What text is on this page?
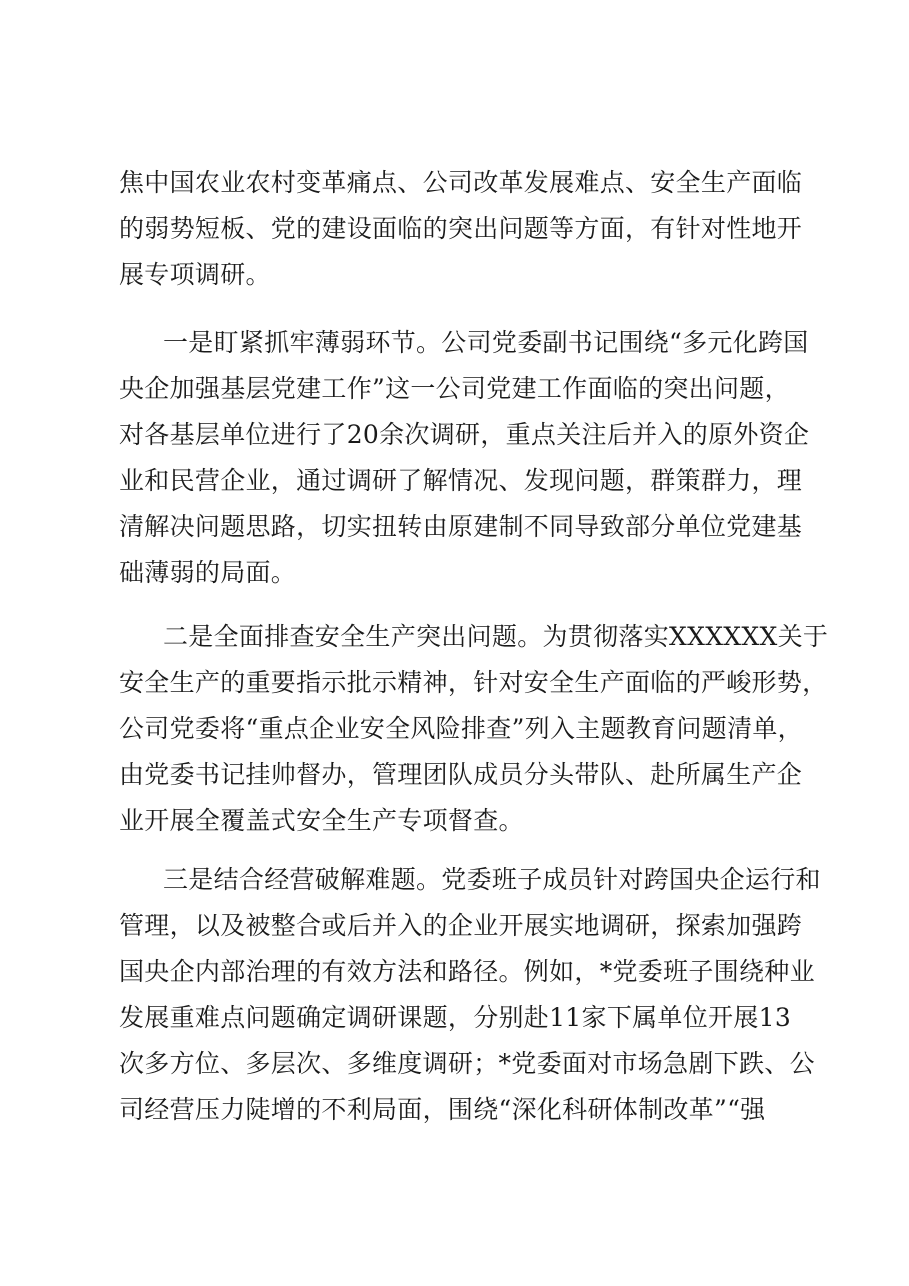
焦中国农业农村变革痛点、公司改革发展难点、安全生产面临
的弱势短板、党的建设面临的突出问题等方面，有针对性地开
展专项调研。
一是盯紧抓牢薄弱环节。公司党委副书记围绕“多元化跨国
央企加强基层党建工作”这一公司党建工作面临的突出问题，
对各基层单位进行了20余次调研，重点关注后并入的原外资企
业和民营企业，通过调研了解情况、发现问题，群策群力，理
清解决问题思路，切实扭转由原建制不同导致部分单位党建基
础薄弱的局面。
二是全面排查安全生产突出问题。为贯彻落实XXXXXX关于
安全生产的重要指示批示精神，针对安全生产面临的严峻形势，
公司党委将“重点企业安全风险排查”列入主题教育问题清单，
由党委书记挂帅督办，管理团队成员分头带队、赴所属生产企
业开展全覆盖式安全生产专项督查。
三是结合经营破解难题。党委班子成员针对跨国央企运行和
管理，以及被整合或后并入的企业开展实地调研，探索加强跨
国央企内部治理的有效方法和路径。例如，*党委班子围绕种业
发展重难点问题确定调研课题，分别赴11家下属单位开展13
次多方位、多层次、多维度调研；*党委面对市场急剧下跌、公
司经营压力陡增的不利局面，围绕“深化科研体制改革”“强
